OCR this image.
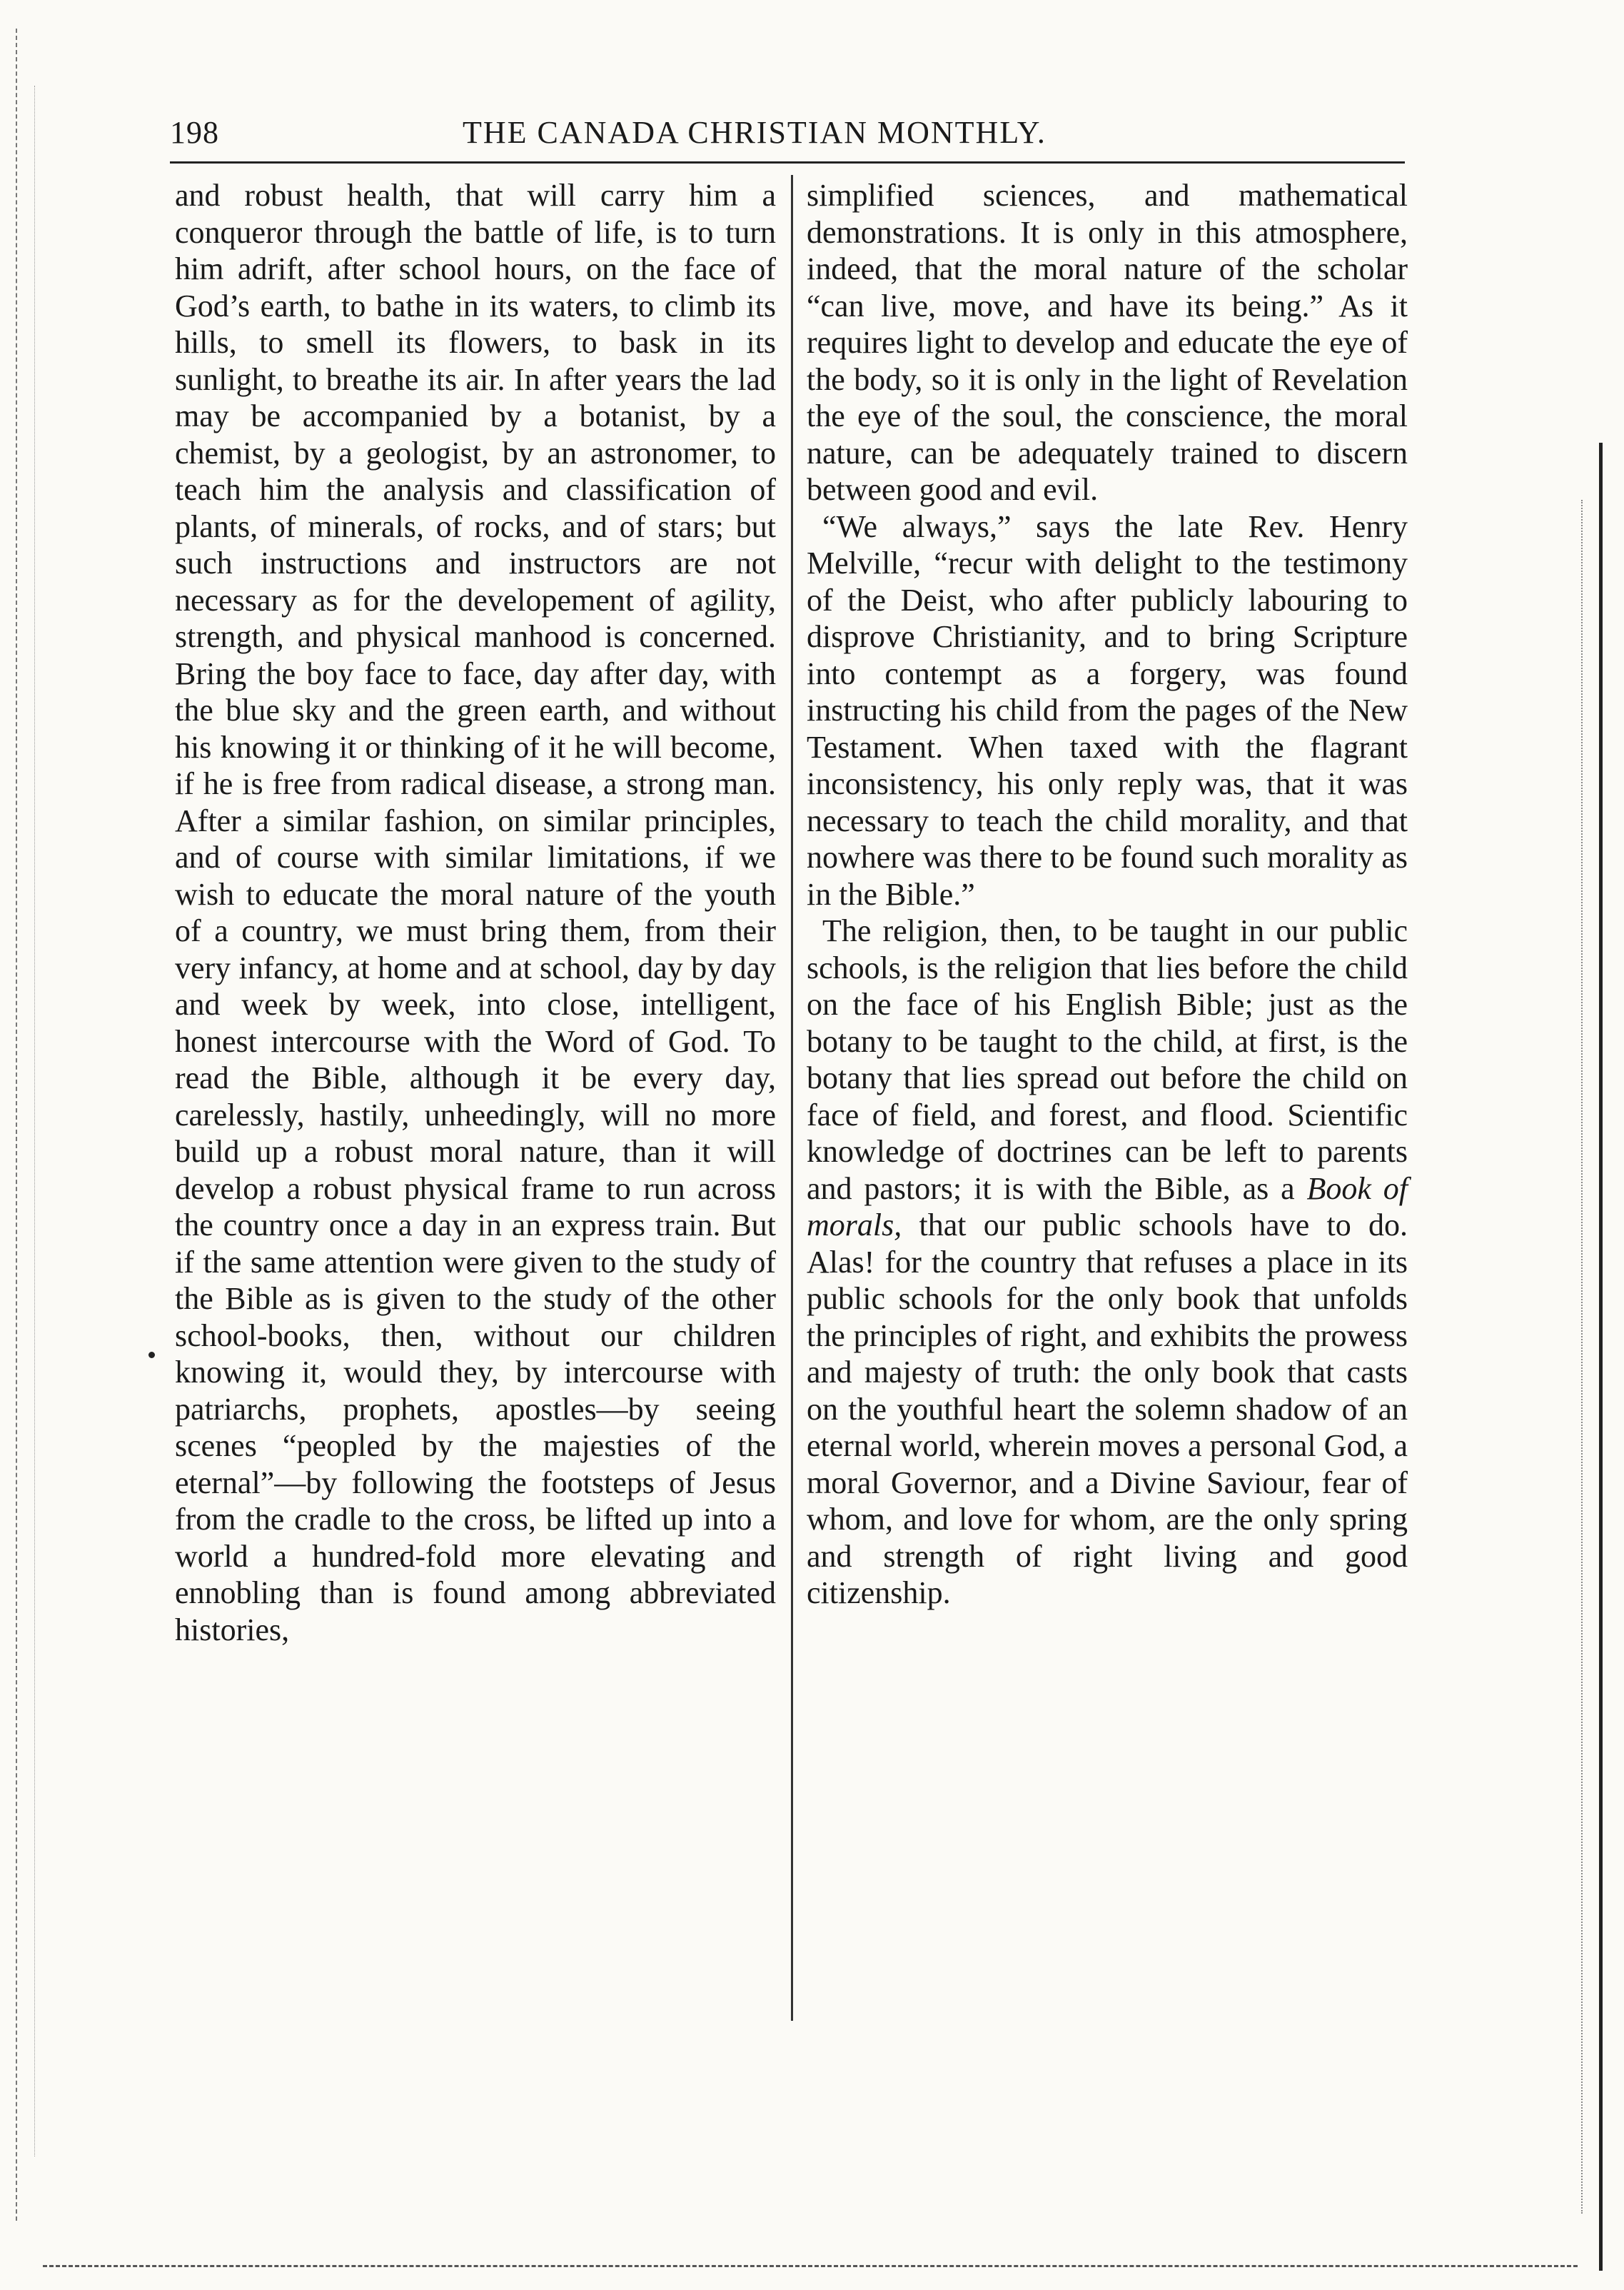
198	THE CANADA CHRISTIAN MONTHLY.

and robust health, that will carry him a conqueror through the battle of life, is to turn him adrift, after school hours, on the face of God’s earth, to bathe in its waters, to climb its hills, to smell its flowers, to bask in its sunlight, to breathe its air. In after years the lad may be accompanied by a botanist, by a chemist, by a geologist, by an astronomer, to teach him the analysis and classification of plants, of minerals, of rocks, and of stars; but such instructions and instructors are not necessary as for the developement of agility, strength, and physical manhood is concerned. Bring the boy face to face, day after day, with the blue sky and the green earth, and without his knowing it or thinking of it he will become, if he is free from radical disease, a strong man. After a similar fashion, on similar principles, and of course with similar limitations, if we wish to educate the moral nature of the youth of a country, we must bring them, from their very infancy, at home and at school, day by day and week by week, into close, intelligent, honest intercourse with the Word of God. To read the Bible, although it be every day, carelessly, hastily, unheedingly, will no more build up a robust moral nature, than it will develop a robust physical frame to run across the country once a day in an express train. But if the same attention were given to the study of the Bible as is given to the study of the other school-books, then, without our children knowing it, would they, by intercourse with patriarchs, prophets, apostles—by seeing scenes “peopled by the majesties of the eternal”—by following the footsteps of Jesus from the cradle to the cross, be lifted up into a world a hundred-fold more elevating and ennobling than is found among abbreviated histories,

simplified sciences, and mathematical demonstrations. It is only in this atmosphere, indeed, that the moral nature of the scholar “can live, move, and have its being.” As it requires light to develop and educate the eye of the body, so it is only in the light of Revelation the eye of the soul, the conscience, the moral nature, can be adequately trained to discern between good and evil.

“We always,” says the late Rev. Henry Melville, “recur with delight to the testimony of the Deist, who after publicly labouring to disprove Christianity, and to bring Scripture into contempt as a forgery, was found instructing his child from the pages of the New Testament. When taxed with the flagrant inconsistency, his only reply was, that it was necessary to teach the child morality, and that nowhere was there to be found such morality as in the Bible.”

The religion, then, to be taught in our public schools, is the religion that lies before the child on the face of his English Bible; just as the botany to be taught to the child, at first, is the botany that lies spread out before the child on face of field, and forest, and flood. Scientific knowledge of doctrines can be left to parents and pastors; it is with the Bible, as a Book of morals, that our public schools have to do. Alas! for the country that refuses a place in its public schools for the only book that unfolds the principles of right, and exhibits the prowess and majesty of truth: the only book that casts on the youthful heart the solemn shadow of an eternal world, wherein moves a personal God, a moral Governor, and a Divine Saviour, fear of whom, and love for whom, are the only spring and strength of right living and good citizenship.
